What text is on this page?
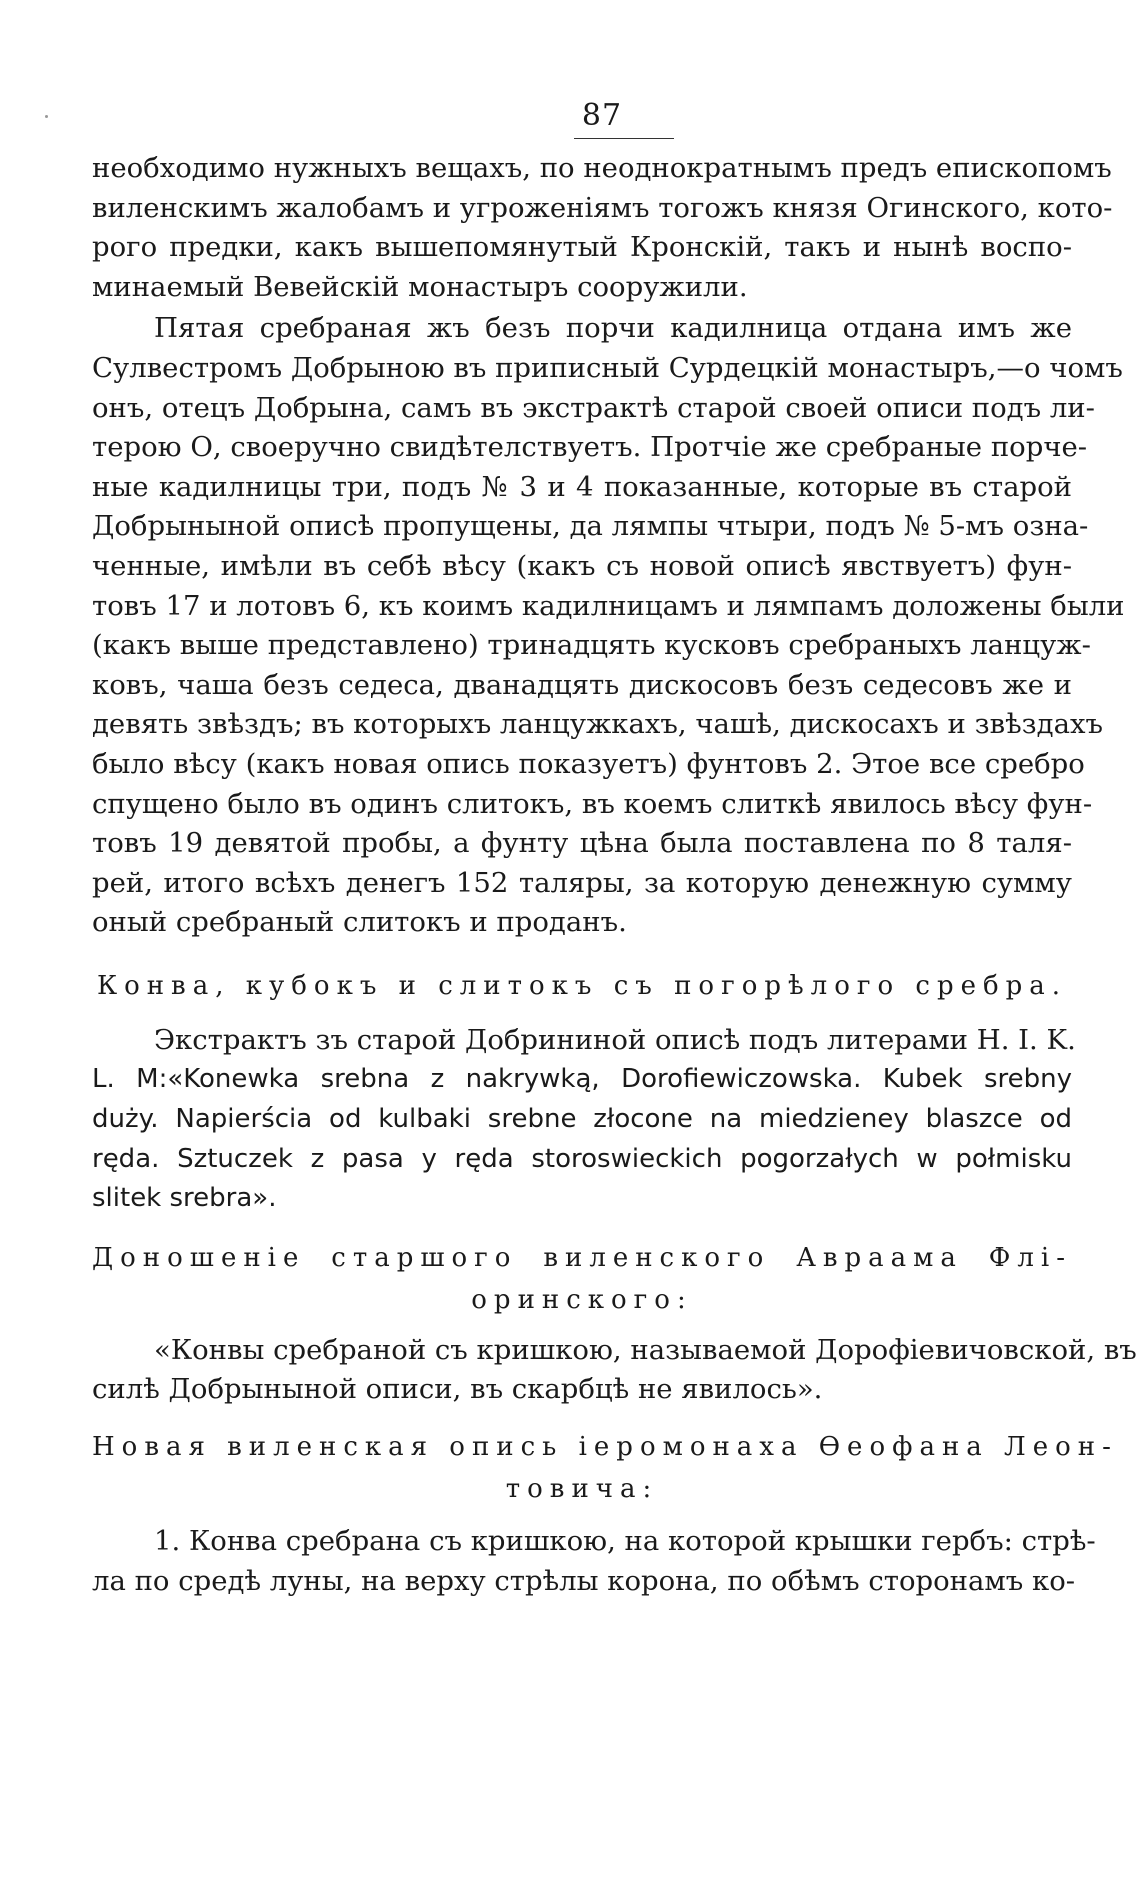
87

необходимо нужныхъ вещахъ, по неоднократнымъ предъ епископомъ
виленскимъ жалобамъ и угроженіямъ тогожъ князя Огинского, кото-
рого предки, какъ вышепомянутый Кронскій, такъ и нынѣ воспо-
минаемый Вевейскій монастыръ сооружили.

Пятая сребраная жъ безъ порчи кадилница отдана имъ же
Сулвестромъ Добрыною въ приписный Сурдецкій монастыръ,—о чомъ
онъ, отецъ Добрына, самъ въ экстрактѣ старой своей описи подъ ли-
терою О, своеручно свидѣтелствуетъ. Протчіе же сребраные порче-
ные кадилницы три, подъ № 3 и 4 показанные, которые въ старой
Добрыныной описѣ пропущены, да лямпы чтыри, подъ № 5-мъ озна-
ченные, имѣли въ себѣ вѣсу (какъ съ новой описѣ явствуетъ) фун-
товъ 17 и лотовъ 6, къ коимъ кадилницамъ и лямпамъ доложены были
(какъ выше представлено) тринадцять кусковъ сребраныхъ ланцуж-
ковъ, чаша безъ седеса, дванадцять дискосовъ безъ седесовъ же и
девять звѣздъ; въ которыхъ ланцужкахъ, чашѣ, дискосахъ и звѣздахъ
было вѣсу (какъ новая опись показуетъ) фунтовъ 2. Этое все сребро
спущено было въ одинъ слитокъ, въ коемъ слиткѣ явилось вѣсу фун-
товъ 19 девятой пробы, а фунту цѣна была поставлена по 8 таля-
рей, итого всѣхъ денегъ 152 таляры, за которую денежную сумму
оный сребраный слитокъ и проданъ.

Конва, кубокъ и слитокъ съ погорѣлого сребра.

Экстрактъ зъ старой Добрининой описѣ подъ литерами H. I. K.
L. M:«Konewka srebna z nakrywką, Dorofiewiczowska. Kubek srebny
duży. Napierścia od kulbaki srebne złocone na miedzieney blaszce od
ręda. Sztuczek z pasa y ręda storoswieckich pogorzałych w połmisku
slitek srebra».

Доношеніе старшого виленского Авраама Флі-
оринского:

«Конвы сребраной съ кришкою, называемой Дорофіевичовской, въ
силѣ Добрыныной описи, въ скарбцѣ не явилось».

Новая виленская опись іеромонаха Өеофана Леон-
товича:

1. Конва сребрана съ кришкою, на которой крышки гербъ: стрѣ-
ла по средѣ луны, на верху стрѣлы корона, по обѣмъ сторонамъ ко-
